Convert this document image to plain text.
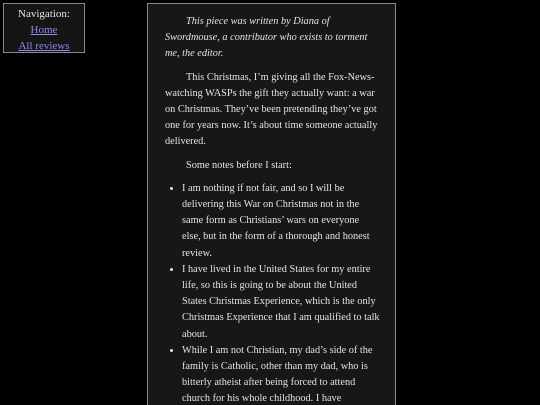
Navigation:
Home
All reviews

This piece was written by Diana of Swordmouse, a contributor who exists to torment me, the editor.

This Christmas, I’m giving all the Fox-News-watching WASPs the gift they actually want: a war on Christmas. They’ve been pretending they’ve got one for years now. It’s about time someone actually delivered.

Some notes before I start:

• I am nothing if not fair, and so I will be delivering this War on Christmas not in the same form as Christians’ wars on everyone else, but in the form of a thorough and honest review.
• I have lived in the United States for my entire life, so this is going to be about the United States Christmas Experience, which is the only Christmas Experience that I am qualified to talk about.
• While I am not Christian, my dad’s side of the family is Catholic, other than my dad, who is bitterly atheist after being forced to attend church for his whole childhood. I have
